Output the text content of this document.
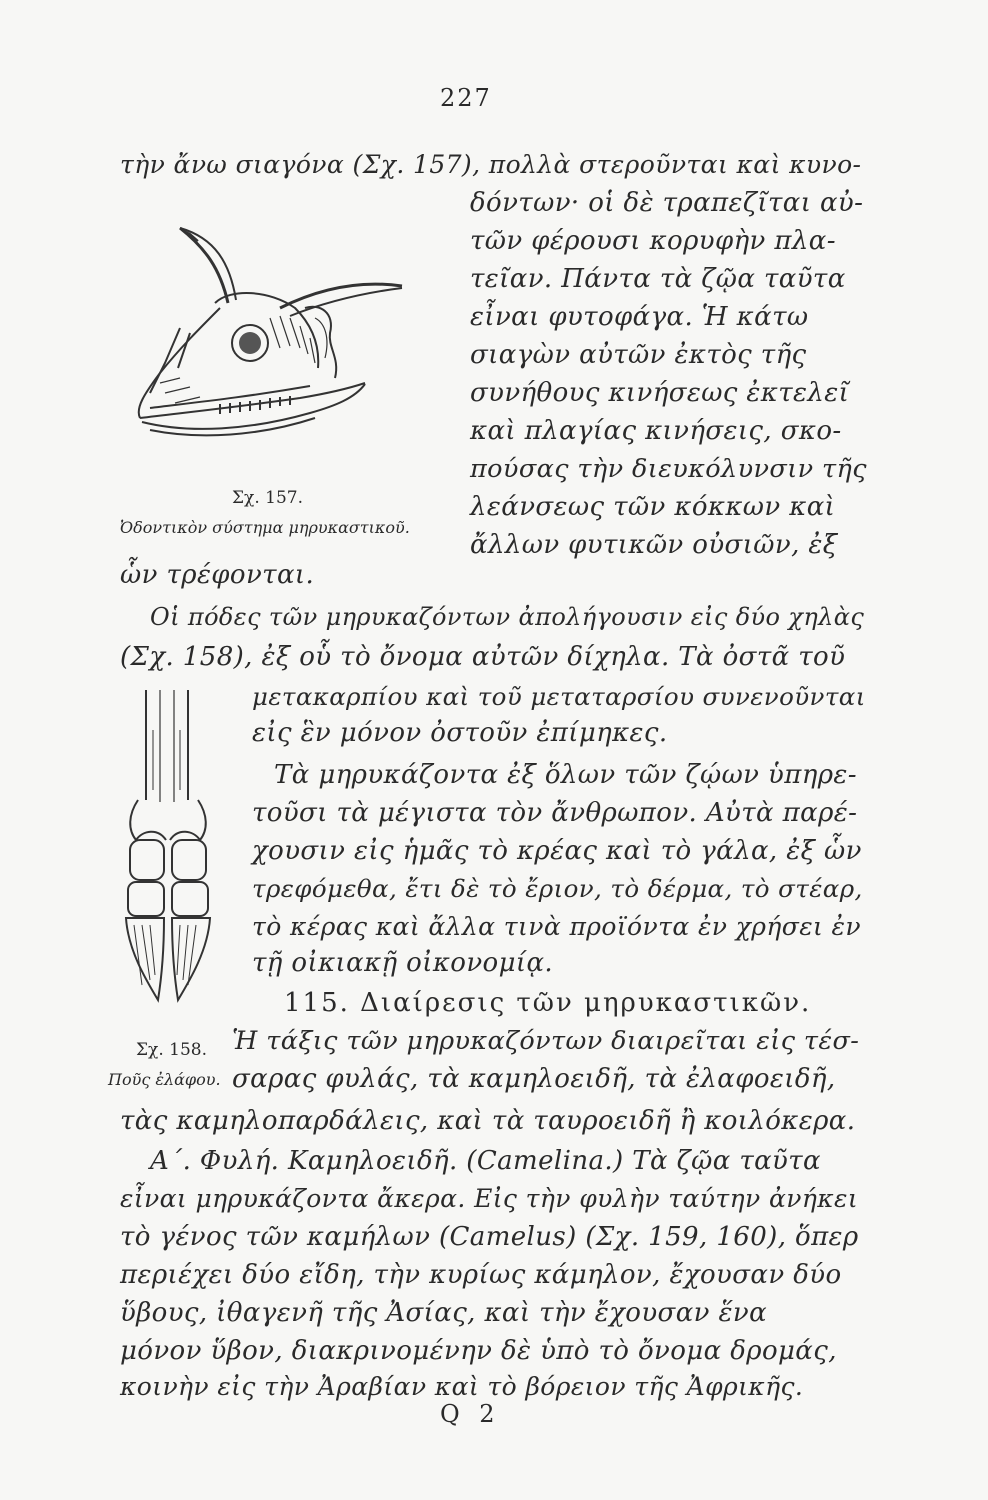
227
Σχ. 157.
Ὀδοντικὸν σύστημα μηρυκαστικοῦ.
Σχ. 158.
Ποῦς ἐλάφου.
τὴν ἄνω σιαγόνα (Σχ. 157), πολλὰ στεροῦνται καὶ κυνο-
δόντων· οἱ δὲ τραπεζῖται αὐ-
τῶν φέρουσι κορυφὴν πλα-
τεῖαν. Πάντα τὰ ζῷα ταῦτα
εἶναι φυτοφάγα. Ἡ κάτω
σιαγὼν αὐτῶν ἐκτὸς τῆς
συνήθους κινήσεως ἐκτελεῖ
καὶ πλαγίας κινήσεις, σκο-
πούσας τὴν διευκόλυνσιν τῆς
λεάνσεως τῶν κόκκων καὶ
ἄλλων φυτικῶν οὐσιῶν, ἐξ
ὧν τρέφονται.
Οἱ πόδες τῶν μηρυκαζόντων ἀπολήγουσιν εἰς δύο χηλὰς
(Σχ. 158), ἐξ οὗ τὸ ὄνομα αὐτῶν δίχηλα. Τὰ ὀστᾶ τοῦ
μετακαρπίου καὶ τοῦ μεταταρσίου συνενοῦνται
εἰς ἓν μόνον ὀστοῦν ἐπίμηκες.
Τὰ μηρυκάζοντα ἐξ ὅλων τῶν ζῴων ὑπηρε-
τοῦσι τὰ μέγιστα τὸν ἄνθρωπον. Αὐτὰ παρέ-
χουσιν εἰς ἡμᾶς τὸ κρέας καὶ τὸ γάλα, ἐξ ὧν
τρεφόμεθα, ἔτι δὲ τὸ ἔριον, τὸ δέρμα, τὸ στέαρ,
τὸ κέρας καὶ ἄλλα τινὰ προϊόντα ἐν χρήσει ἐν
τῇ οἰκιακῇ οἰκονομίᾳ.
115. Διαίρεσις τῶν μηρυκαστικῶν.
Ἡ τάξις τῶν μηρυκαζόντων διαιρεῖται εἰς τέσ-
σαρας φυλάς, τὰ καμηλοειδῆ, τὰ ἐλαφοειδῆ,
τὰς καμηλοπαρδάλεις, καὶ τὰ ταυροειδῆ ἢ κοιλόκερα.
Α΄. Φυλή. Καμηλοειδῆ. (Camelina.) Τὰ ζῷα ταῦτα
εἶναι μηρυκάζοντα ἄκερα. Εἰς τὴν φυλὴν ταύτην ἀνήκει
τὸ γένος τῶν καμήλων (Camelus) (Σχ. 159, 160), ὅπερ
περιέχει δύο εἴδη, τὴν κυρίως κάμηλον, ἔχουσαν δύο
ὕβους, ἰθαγενῆ τῆς Ἀσίας, καὶ τὴν ἔχουσαν ἕνα
μόνον ὕβον, διακρινομένην δὲ ὑπὸ τὸ ὄνομα δρομάς,
κοινὴν εἰς τὴν Ἀραβίαν καὶ τὸ βόρειον τῆς Ἀφρικῆς.
Q 2
